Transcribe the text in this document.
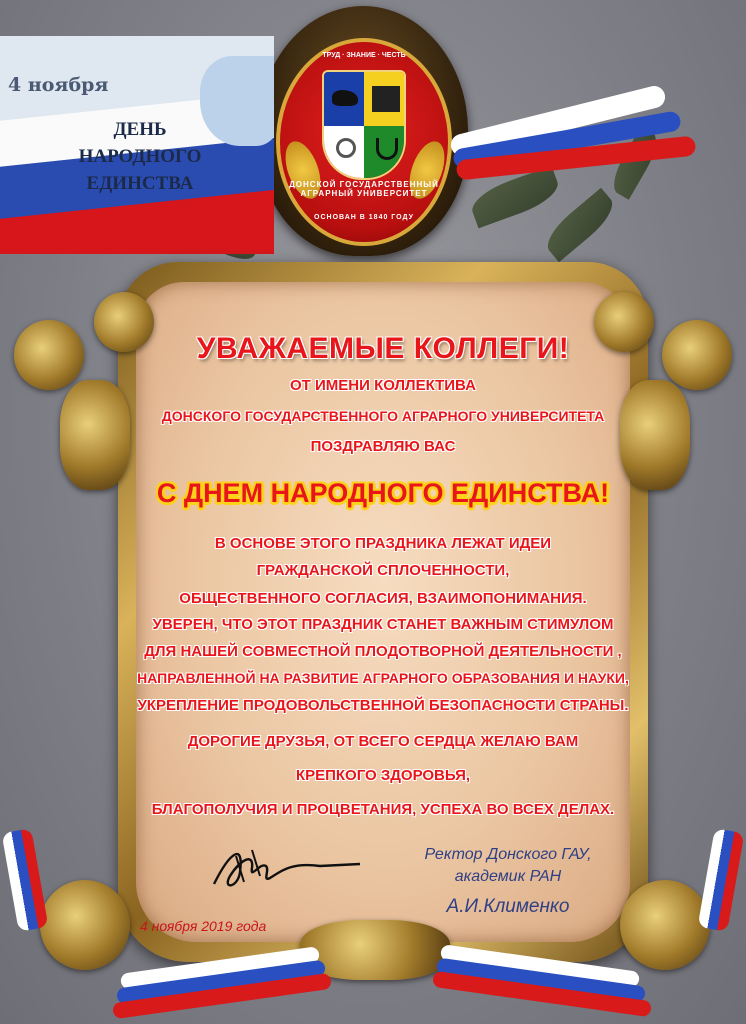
ТРУД · ЗНАНИЕ · ЧЕСТЬ
ДОНСКОЙ ГОСУДАРСТВЕННЫЙ АГРАРНЫЙ УНИВЕРСИТЕТ
ОСНОВАН В 1840 ГОДУ
4 ноября
ДЕНЬ
НАРОДНОГО
ЕДИНСТВА
УВАЖАЕМЫЕ КОЛЛЕГИ!
ОТ ИМЕНИ КОЛЛЕКТИВА
ДОНСКОГО ГОСУДАРСТВЕННОГО АГРАРНОГО УНИВЕРСИТЕТА
ПОЗДРАВЛЯЮ ВАС
С ДНЕМ НАРОДНОГО ЕДИНСТВА!
В ОСНОВЕ ЭТОГО ПРАЗДНИКА ЛЕЖАТ ИДЕИ
ГРАЖДАНСКОЙ СПЛОЧЕННОСТИ,
ОБЩЕСТВЕННОГО СОГЛАСИЯ, ВЗАИМОПОНИМАНИЯ.
УВЕРЕН, ЧТО ЭТОТ ПРАЗДНИК СТАНЕТ ВАЖНЫМ СТИМУЛОМ
ДЛЯ НАШЕЙ СОВМЕСТНОЙ ПЛОДОТВОРНОЙ ДЕЯТЕЛЬНОСТИ ,
НАПРАВЛЕННОЙ НА РАЗВИТИЕ АГРАРНОГО ОБРАЗОВАНИЯ И НАУКИ,
УКРЕПЛЕНИЕ ПРОДОВОЛЬСТВЕННОЙ БЕЗОПАСНОСТИ СТРАНЫ.
ДОРОГИЕ ДРУЗЬЯ, ОТ ВСЕГО СЕРДЦА ЖЕЛАЮ ВАМ
КРЕПКОГО ЗДОРОВЬЯ,
БЛАГОПОЛУЧИЯ И ПРОЦВЕТАНИЯ, УСПЕХА ВО ВСЕХ ДЕЛАХ.
Ректор Донского ГАУ,
академик РАН
А.И.Клименко
4 ноября 2019 года
